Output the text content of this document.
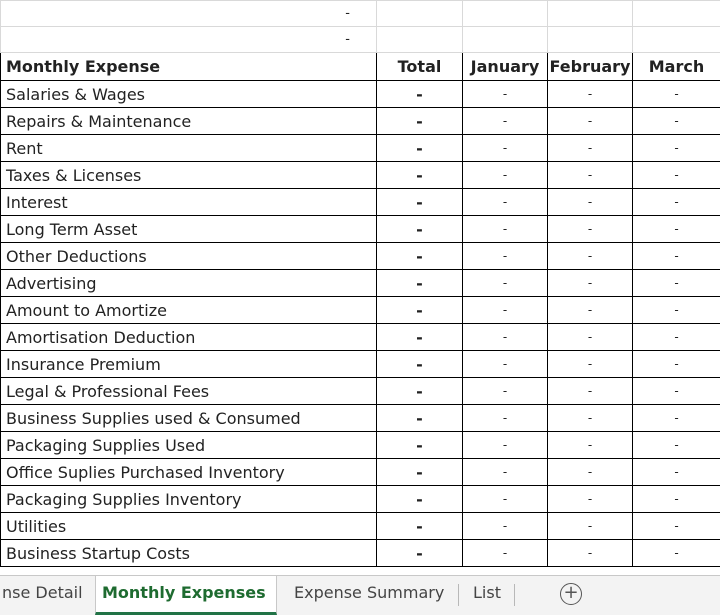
-				
-				
Monthly Expense	Total	January	February	March
Salaries & Wages	-	-	-	-
Repairs & Maintenance	-	-	-	-
Rent	-	-	-	-
Taxes & Licenses	-	-	-	-
Interest	-	-	-	-
Long Term Asset	-	-	-	-
Other Deductions	-	-	-	-
Advertising	-	-	-	-
Amount to Amortize	-	-	-	-
Amortisation Deduction	-	-	-	-
Insurance Premium	-	-	-	-
Legal & Professional Fees	-	-	-	-
Business Supplies used & Consumed	-	-	-	-
Packaging Supplies Used	-	-	-	-
Office Suplies Purchased Inventory	-	-	-	-
Packaging Supplies Inventory	-	-	-	-
Utilities	-	-	-	-
Business Startup Costs	-	-	-	-
nse Detail	Monthly Expenses	Expense Summary	List	+
